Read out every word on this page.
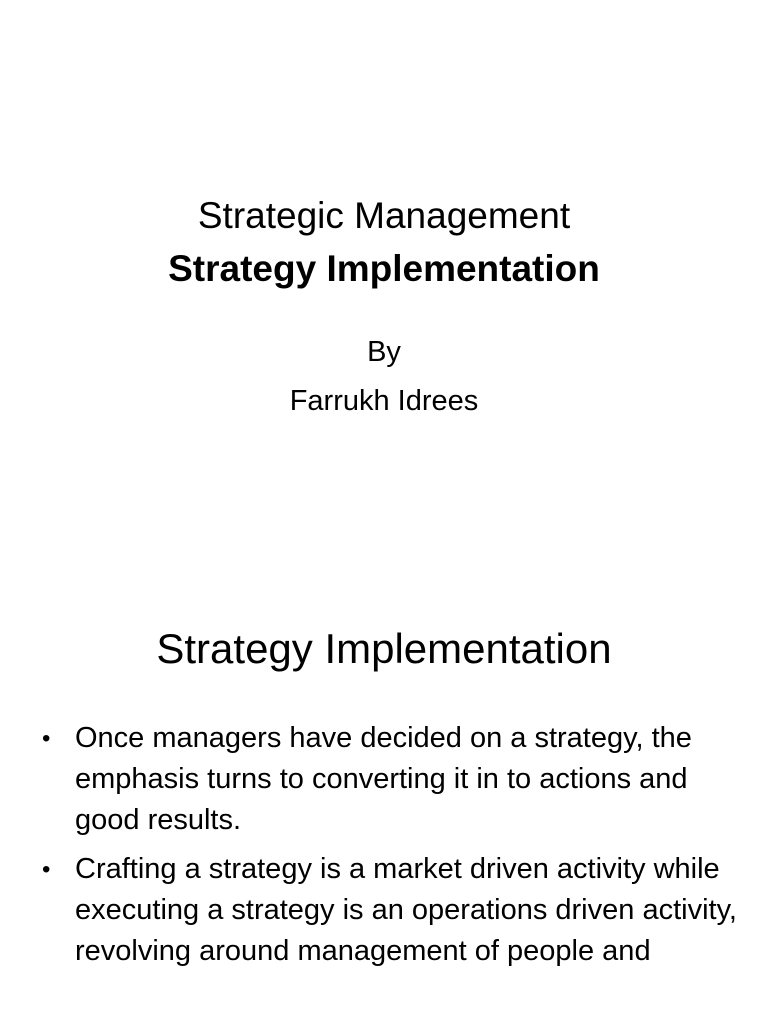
Strategic Management
Strategy Implementation
By
Farrukh Idrees
Strategy Implementation
• Once managers have decided on a strategy, the emphasis turns to converting it in to actions and good results.
• Crafting a strategy is a market driven activity while executing a strategy is an operations driven activity, revolving around management of people and
